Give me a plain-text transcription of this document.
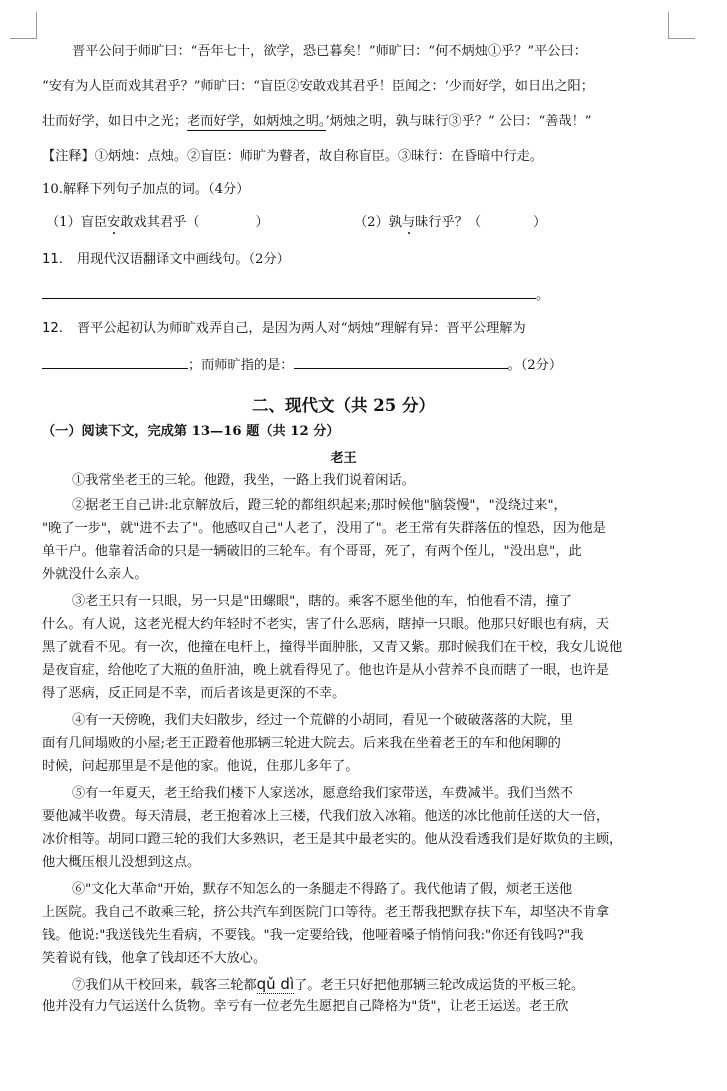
晋平公问于师旷曰：“吾年七十，欲学，恐已暮矣！”师旷曰：“何不炳烛①乎？”平公曰：
“安有为人臣而戏其君乎？”师旷曰：“盲臣②安敢戏其君乎！臣闻之：‘少而好学，如日出之阳；
壮而好学，如日中之光；老而好学，如炳烛之明。’炳烛之明，孰与昧行③乎？” 公曰：“善哉！”
【注释】①炳烛：点烛。②盲臣：师旷为瞽者，故自称盲臣。③昧行：在昏暗中行走。
10.解释下列句子加点的词。（4分）
（1）盲臣安敢戏其君乎（	）	（2）孰与昧行乎？（	）
11. 用现代汉语翻译文中画线句。（2分）
。
12. 晋平公起初认为师旷戏弄自己，是因为两人对“炳烛”理解有异：晋平公理解为
；而师旷指的是：	。（2分）
二、现代文（共 25 分）
（一）阅读下文，完成第 13—16 题（共 12 分）
老王
①我常坐老王的三轮。他蹬，我坐，一路上我们说着闲话。
②据老王自己讲:北京解放后，蹬三轮的都组织起来;那时候他"脑袋慢"，"没绕过来"，
"晚了一步"，就"进不去了"。他感叹自己"人老了，没用了"。老王常有失群落伍的惶恐，因为他是
单干户。他靠着活命的只是一辆破旧的三轮车。有个哥哥，死了，有两个侄儿，"没出息"，此
外就没什么亲人。
③老王只有一只眼，另一只是"田螺眼"，瞎的。乘客不愿坐他的车，怕他看不清，撞了
什么。有人说，这老光棍大约年轻时不老实，害了什么恶病，瞎掉一只眼。他那只好眼也有病，天
黑了就看不见。有一次，他撞在电杆上，撞得半面肿胀，又青又紫。那时候我们在干校，我女儿说他
是夜盲症，给他吃了大瓶的鱼肝油，晚上就看得见了。他也许是从小营养不良而瞎了一眼，也许是
得了恶病，反正同是不幸，而后者该是更深的不幸。
④有一天傍晚，我们夫妇散步，经过一个荒僻的小胡同，看见一个破破落落的大院，里
面有几间塌败的小屋;老王正蹬着他那辆三轮进大院去。后来我在坐着老王的车和他闲聊的
时候，问起那里是不是他的家。他说，住那儿多年了。
⑤有一年夏天，老王给我们楼下人家送冰，愿意给我们家带送，车费减半。我们当然不
要他减半收费。每天清晨，老王抱着冰上三楼，代我们放入冰箱。他送的冰比他前任送的大一倍，
冰价相等。胡同口蹬三轮的我们大多熟识，老王是其中最老实的。他从没看透我们是好欺负的主顾，
他大概压根儿没想到这点。
⑥"文化大革命"开始，默存不知怎么的一条腿走不得路了。我代他请了假，烦老王送他
上医院。我自己不敢乘三轮，挤公共汽车到医院门口等待。老王帮我把默存扶下车，却坚决不肯拿
钱。他说:"我送钱先生看病，不要钱。"我一定要给钱，他哑着嗓子悄悄问我:"你还有钱吗?"我
笑着说有钱，他拿了钱却还不大放心。
⑦我们从干校回来，载客三轮都qǔ dì了。老王只好把他那辆三轮改成运货的平板三轮。
他并没有力气运送什么货物。幸亏有一位老先生愿把自己降格为"货"，让老王运送。老王欣
